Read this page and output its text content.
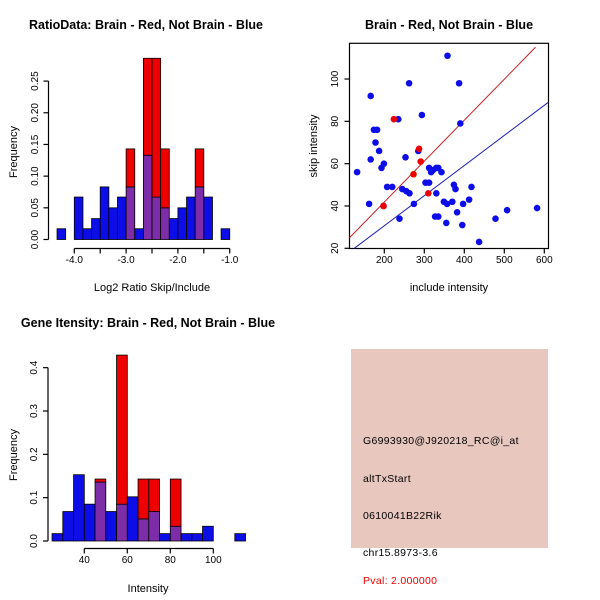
RatioData: Brain - Red, Not Brain - Blue
0.00
0.05
0.10
0.15
0.20
0.25
-4.0	-3.0	-2.0	-1.0
Log2 Ratio Skip/Include
Frequency
Brain - Red, Not Brain - Blue
200 300 400 500 600
20
40
60
80
100
include intensity
skip intensity
Gene Itensity: Brain - Red, Not Brain - Blue
0.0
0.1
0.2
0.3
0.4
40	60	80	100
Intensity
Frequency	G6993930@J920218_RC@i_at
altTxStart
0610041B22Rik
chr15.8973-3.6
Pval: 2.000000
